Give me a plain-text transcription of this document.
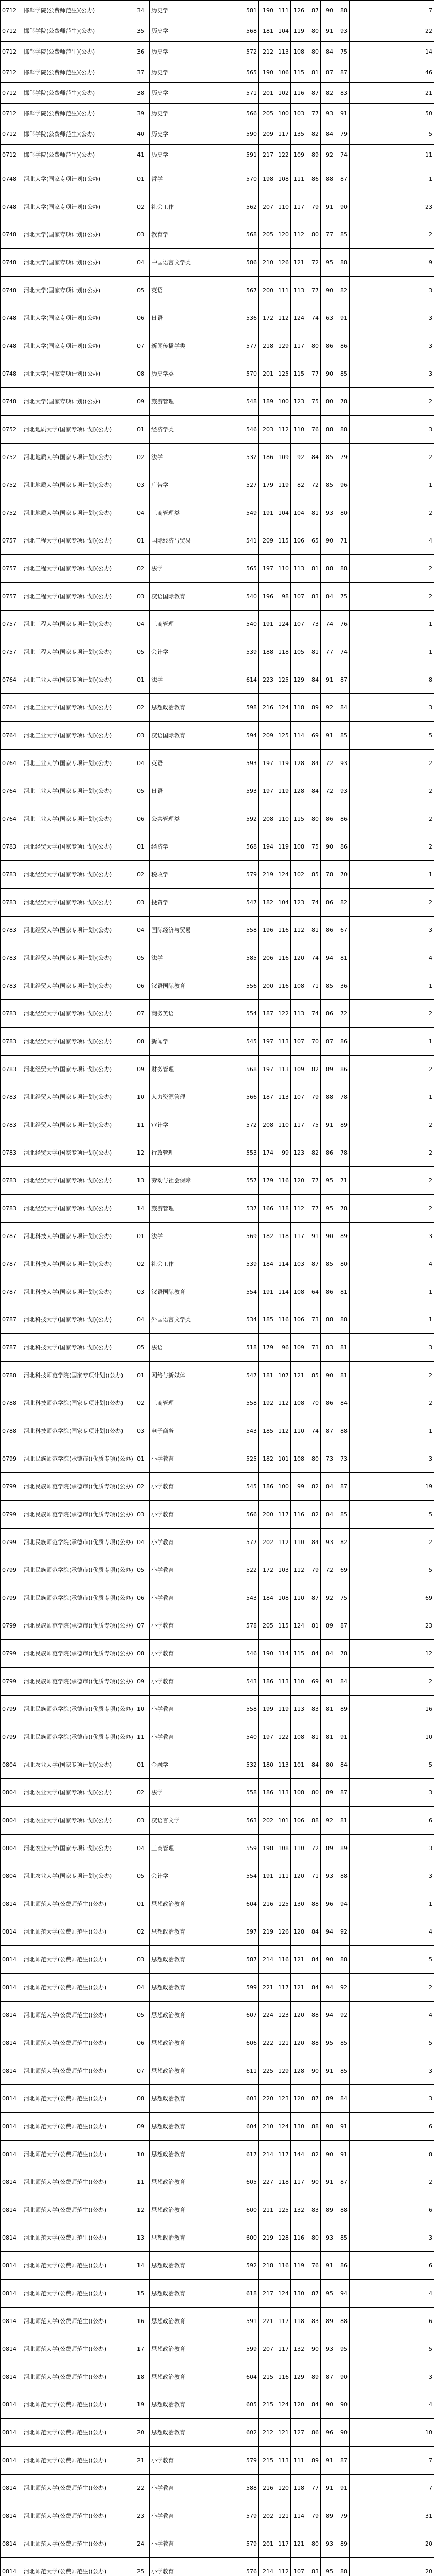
0712	邯郸学院(公费师范生)(公办)	34	历史学	581	190	111	126	87	90	88	7
0712	邯郸学院(公费师范生)(公办)	35	历史学	568	181	104	119	80	91	93	22
0712	邯郸学院(公费师范生)(公办)	36	历史学	572	212	113	108	80	84	75	14
0712	邯郸学院(公费师范生)(公办)	37	历史学	565	190	106	115	81	87	87	46
0712	邯郸学院(公费师范生)(公办)	38	历史学	571	201	102	116	87	82	83	21
0712	邯郸学院(公费师范生)(公办)	39	历史学	566	205	100	103	77	93	91	50
0712	邯郸学院(公费师范生)(公办)	40	历史学	590	209	117	135	82	84	79	5
0712	邯郸学院(公费师范生)(公办)	41	历史学	591	217	122	109	89	92	74	11
0748	河北大学(国家专项计划)(公办)	01	哲学	570	198	108	111	86	88	87	1
0748	河北大学(国家专项计划)(公办)	02	社会工作	562	207	110	117	79	91	90	23
0748	河北大学(国家专项计划)(公办)	03	教育学	568	205	120	112	80	77	85	2
0748	河北大学(国家专项计划)(公办)	04	中国语言文学类	586	210	126	121	72	95	88	9
0748	河北大学(国家专项计划)(公办)	05	英语	567	200	111	113	77	90	82	3
0748	河北大学(国家专项计划)(公办)	06	日语	536	172	112	124	74	63	91	3
0748	河北大学(国家专项计划)(公办)	07	新闻传播学类	577	218	129	117	80	86	86	3
0748	河北大学(国家专项计划)(公办)	08	历史学类	570	201	125	115	77	90	85	3
0748	河北大学(国家专项计划)(公办)	09	旅游管理	548	189	100	123	75	80	78	2
0752	河北地质大学(国家专项计划)(公办)	01	经济学类	546	203	112	110	76	88	88	3
0752	河北地质大学(国家专项计划)(公办)	02	法学	532	186	109	92	84	85	79	2
0752	河北地质大学(国家专项计划)(公办)	03	广告学	527	179	119	82	72	85	96	1
0752	河北地质大学(国家专项计划)(公办)	04	工商管理类	549	191	104	104	81	93	80	2
0757	河北工程大学(国家专项计划)(公办)	01	国际经济与贸易	541	209	115	106	65	90	71	4
0757	河北工程大学(国家专项计划)(公办)	02	法学	565	197	110	113	81	88	88	2
0757	河北工程大学(国家专项计划)(公办)	03	汉语国际教育	540	196	98	107	83	84	75	2
0757	河北工程大学(国家专项计划)(公办)	04	工商管理	540	191	124	107	73	74	76	1
0757	河北工程大学(国家专项计划)(公办)	05	会计学	539	188	118	105	81	77	74	1
0764	河北工业大学(国家专项计划)(公办)	01	法学	614	223	125	129	84	91	87	8
0764	河北工业大学(国家专项计划)(公办)	02	思想政治教育	598	216	124	118	89	92	84	3
0764	河北工业大学(国家专项计划)(公办)	03	汉语国际教育	594	209	125	114	69	91	85	5
0764	河北工业大学(国家专项计划)(公办)	04	英语	593	197	119	128	84	72	93	2
0764	河北工业大学(国家专项计划)(公办)	05	日语	593	197	119	128	84	72	93	2
0764	河北工业大学(国家专项计划)(公办)	06	公共管理类	592	208	110	115	80	86	86	2
0783	河北经贸大学(国家专项计划)(公办)	01	经济学	568	194	119	108	75	90	86	2
0783	河北经贸大学(国家专项计划)(公办)	02	税收学	579	219	124	102	85	78	70	1
0783	河北经贸大学(国家专项计划)(公办)	03	投资学	547	182	104	123	74	86	82	2
0783	河北经贸大学(国家专项计划)(公办)	04	国际经济与贸易	558	196	116	112	81	86	67	3
0783	河北经贸大学(国家专项计划)(公办)	05	法学	585	206	116	120	74	94	81	4
0783	河北经贸大学(国家专项计划)(公办)	06	汉语国际教育	556	200	116	108	71	85	36	1
0783	河北经贸大学(国家专项计划)(公办)	07	商务英语	554	187	122	113	74	86	72	2
0783	河北经贸大学(国家专项计划)(公办)	08	新闻学	545	197	113	107	70	87	86	1
0783	河北经贸大学(国家专项计划)(公办)	09	财务管理	568	197	113	109	82	89	86	2
0783	河北经贸大学(国家专项计划)(公办)	10	人力资源管理	566	187	113	107	79	88	78	1
0783	河北经贸大学(国家专项计划)(公办)	11	审计学	572	208	110	117	75	91	89	2
0783	河北经贸大学(国家专项计划)(公办)	12	行政管理	553	174	99	123	82	86	78	2
0783	河北经贸大学(国家专项计划)(公办)	13	劳动与社会保障	557	179	116	120	77	95	71	2
0783	河北经贸大学(国家专项计划)(公办)	14	旅游管理	537	166	118	112	77	95	78	2
0787	河北科技大学(国家专项计划)(公办)	01	法学	569	182	118	117	91	90	89	3
0787	河北科技大学(国家专项计划)(公办)	02	社会工作	539	184	114	103	87	85	80	4
0787	河北科技大学(国家专项计划)(公办)	03	汉语国际教育	554	191	114	108	64	86	81	1
0787	河北科技大学(国家专项计划)(公办)	04	外国语言文学类	534	185	116	106	73	88	88	1
0787	河北科技大学(国家专项计划)(公办)	05	法语	518	179	96	109	73	83	81	3
0788	河北科技师范学院(国家专项计划)(公办)	01	网络与新媒体	547	181	107	121	85	90	81	2
0788	河北科技师范学院(国家专项计划)(公办)	02	工商管理	558	192	112	108	70	86	84	2
0788	河北科技师范学院(国家专项计划)(公办)	03	电子商务	543	185	112	110	74	87	88	1
0799	河北民族师范学院(承德市)(优质专项)(公办)	01	小学教育	525	182	101	108	80	73	73	3
0799	河北民族师范学院(承德市)(优质专项)(公办)	02	小学教育	545	186	100	99	82	84	87	19
0799	河北民族师范学院(承德市)(优质专项)(公办)	03	小学教育	566	200	117	116	82	84	85	5
0799	河北民族师范学院(承德市)(优质专项)(公办)	04	小学教育	577	202	112	110	84	93	82	2
0799	河北民族师范学院(承德市)(优质专项)(公办)	05	小学教育	522	172	103	112	79	72	69	5
0799	河北民族师范学院(承德市)(优质专项)(公办)	06	小学教育	543	184	108	110	87	92	75	69
0799	河北民族师范学院(承德市)(优质专项)(公办)	07	小学教育	578	205	115	124	81	89	87	23
0799	河北民族师范学院(承德市)(优质专项)(公办)	08	小学教育	546	190	114	115	84	84	78	12
0799	河北民族师范学院(承德市)(优质专项)(公办)	09	小学教育	543	186	113	110	69	91	84	2
0799	河北民族师范学院(承德市)(优质专项)(公办)	10	小学教育	558	199	119	113	83	81	89	16
0799	河北民族师范学院(承德市)(优质专项)(公办)	11	小学教育	540	197	122	108	81	81	91	10
0804	河北农业大学(国家专项计划)(公办)	01	金融学	532	180	113	101	84	80	84	5
0804	河北农业大学(国家专项计划)(公办)	02	法学	558	186	113	108	80	89	87	3
0804	河北农业大学(国家专项计划)(公办)	03	汉语言文学	563	202	101	106	88	92	81	6
0804	河北农业大学(国家专项计划)(公办)	04	工商管理	559	198	108	110	72	89	89	3
0804	河北农业大学(国家专项计划)(公办)	05	会计学	554	191	111	120	71	93	88	3
0814	河北师范大学(公费师范生)(公办)	01	思想政治教育	604	216	125	130	88	96	94	1
0814	河北师范大学(公费师范生)(公办)	02	思想政治教育	597	219	126	128	84	94	92	4
0814	河北师范大学(公费师范生)(公办)	03	思想政治教育	587	214	116	121	84	90	88	5
0814	河北师范大学(公费师范生)(公办)	04	思想政治教育	599	221	117	121	84	94	92	2
0814	河北师范大学(公费师范生)(公办)	05	思想政治教育	607	224	123	120	88	94	92	4
0814	河北师范大学(公费师范生)(公办)	06	思想政治教育	606	222	121	120	88	95	85	5
0814	河北师范大学(公费师范生)(公办)	07	思想政治教育	611	225	129	128	90	91	85	3
0814	河北师范大学(公费师范生)(公办)	08	思想政治教育	603	220	123	120	87	89	84	3
0814	河北师范大学(公费师范生)(公办)	09	思想政治教育	604	210	124	130	88	98	91	6
0814	河北师范大学(公费师范生)(公办)	10	思想政治教育	617	214	117	144	82	90	91	8
0814	河北师范大学(公费师范生)(公办)	11	思想政治教育	605	227	118	117	90	91	87	2
0814	河北师范大学(公费师范生)(公办)	12	思想政治教育	600	211	125	132	83	89	88	6
0814	河北师范大学(公费师范生)(公办)	13	思想政治教育	600	219	128	116	80	93	85	3
0814	河北师范大学(公费师范生)(公办)	14	思想政治教育	592	218	116	119	76	91	86	6
0814	河北师范大学(公费师范生)(公办)	15	思想政治教育	618	217	124	130	87	95	94	4
0814	河北师范大学(公费师范生)(公办)	16	思想政治教育	591	221	117	118	83	89	88	6
0814	河北师范大学(公费师范生)(公办)	17	思想政治教育	599	207	117	132	90	93	95	5
0814	河北师范大学(公费师范生)(公办)	18	思想政治教育	604	215	116	129	89	87	90	3
0814	河北师范大学(公费师范生)(公办)	19	思想政治教育	605	215	124	120	84	90	90	4
0814	河北师范大学(公费师范生)(公办)	20	思想政治教育	602	212	121	127	86	96	90	10
0814	河北师范大学(公费师范生)(公办)	21	小学教育	579	215	113	111	89	91	87	7
0814	河北师范大学(公费师范生)(公办)	22	小学教育	588	216	120	118	77	91	91	7
0814	河北师范大学(公费师范生)(公办)	23	小学教育	579	202	121	114	79	89	79	31
0814	河北师范大学(公费师范生)(公办)	24	小学教育	579	201	117	121	80	93	89	20
0814	河北师范大学(公费师范生)(公办)	25	小学教育	576	214	112	107	83	95	88	20
